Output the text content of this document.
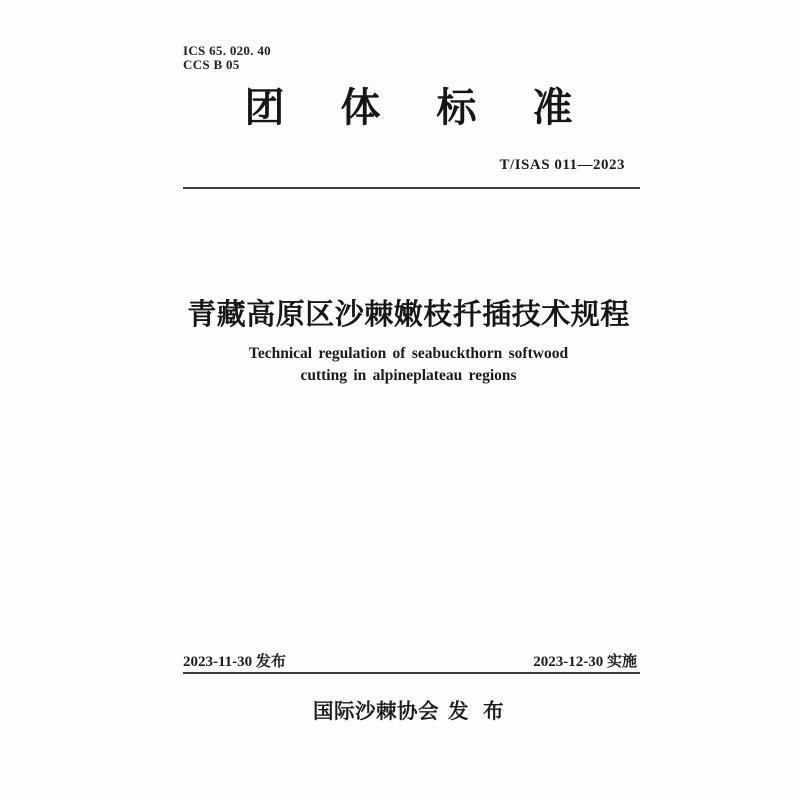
ICS 65. 020. 40
CCS B 05
团 体 标 准
T/ISAS 011—2023
青藏高原区沙棘嫩枝扦插技术规程
Technical regulation of seabuckthorn softwood
cutting in alpineplateau regions
2023-11-30 发布	2023-12-30 实施
国际沙棘协会 发 布
